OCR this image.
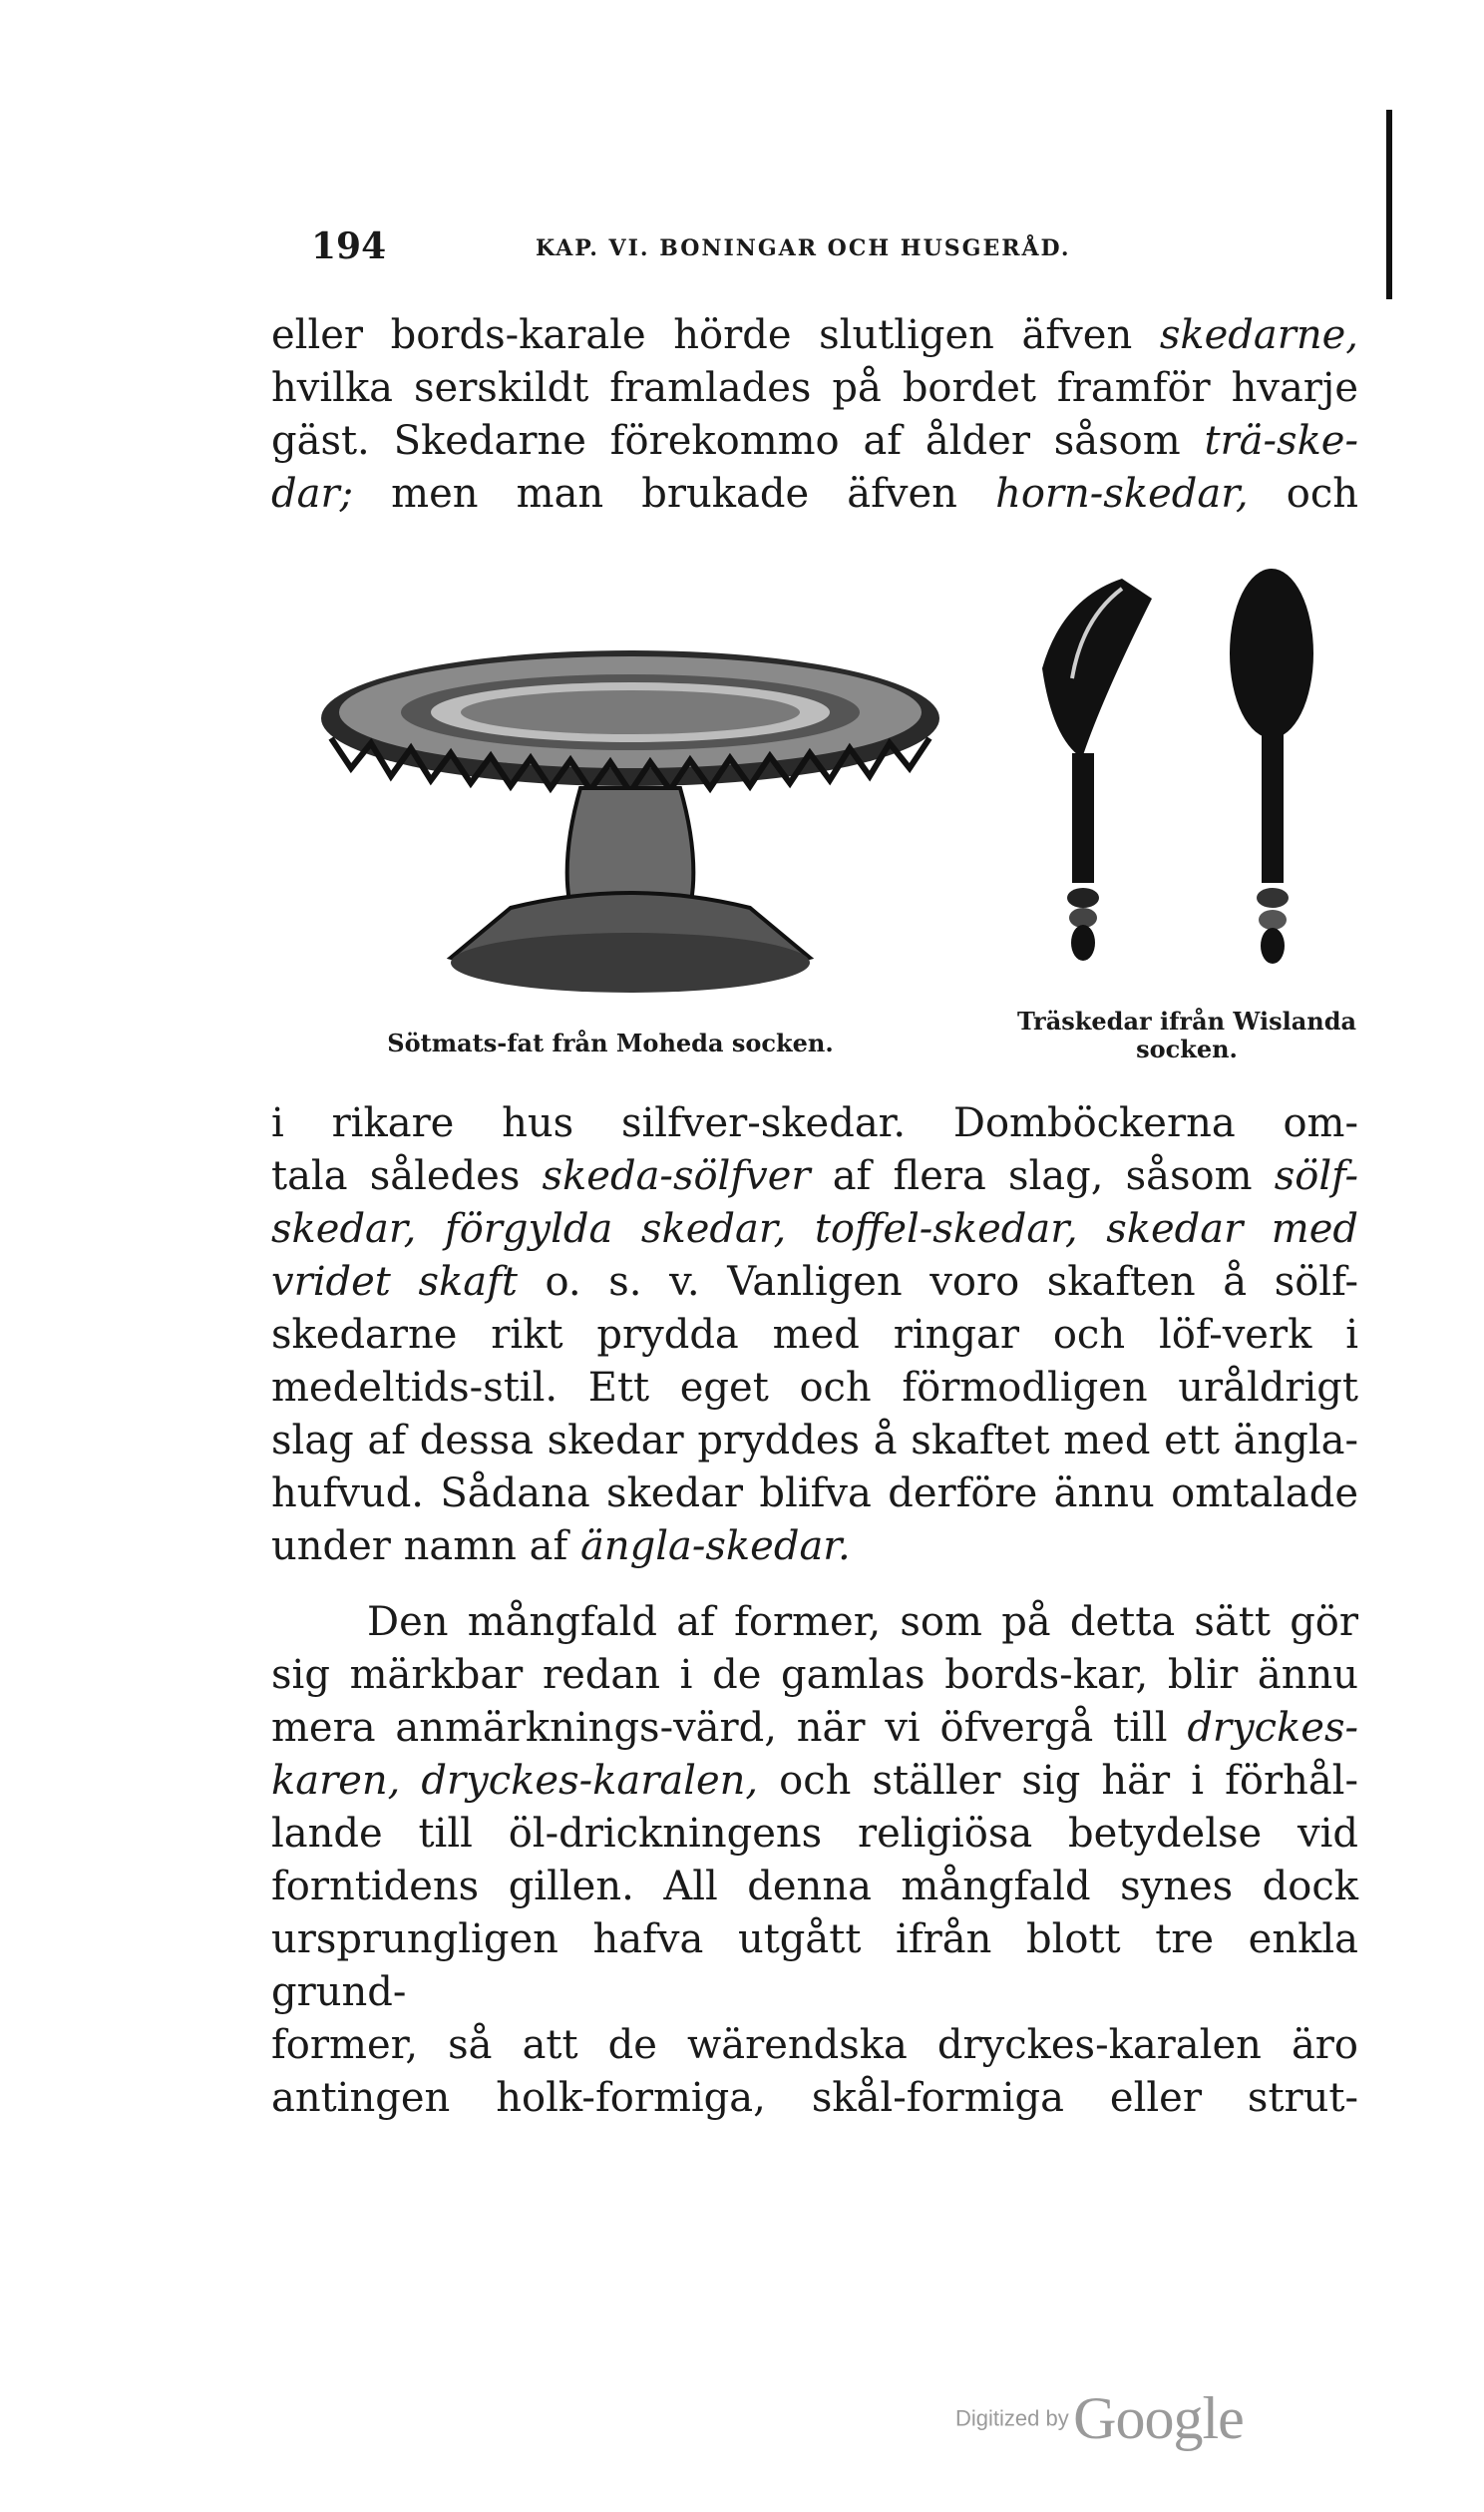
194	KAP. VI. BONINGAR OCH HUSGERÅD.
eller bords-karale hörde slutligen äfven skedarne,
hvilka serskildt framlades på bordet framför hvarje
gäst. Skedarne förekommo af ålder såsom trä-ske-
dar; men man brukade äfven horn-skedar, och
Sötmats-fat från Moheda socken.
Träskedar ifrån Wislanda
socken.
i rikare hus silfver-skedar. Domböckerna om-
tala således skeda-sölfver af flera slag, såsom sölf-
skedar, förgylda skedar, toffel-skedar, skedar med
vridet skaft o. s. v. Vanligen voro skaften å sölf-
skedarne rikt prydda med ringar och löf-verk i
medeltids-stil. Ett eget och förmodligen uråldrigt
slag af dessa skedar pryddes å skaftet med ett ängla-
hufvud. Sådana skedar blifva derföre ännu omtalade
under namn af ängla-skedar.
Den mångfald af former, som på detta sätt gör
sig märkbar redan i de gamlas bords-kar, blir ännu
mera anmärknings-värd, när vi öfvergå till dryckes-
karen, dryckes-karalen, och ställer sig här i förhål-
lande till öl-drickningens religiösa betydelse vid
forntidens gillen. All denna mångfald synes dock
ursprungligen hafva utgått ifrån blott tre enkla grund-
former, så att de wärendska dryckes-karalen äro
antingen holk-formiga, skål-formiga eller strut-
Digitized by Google
